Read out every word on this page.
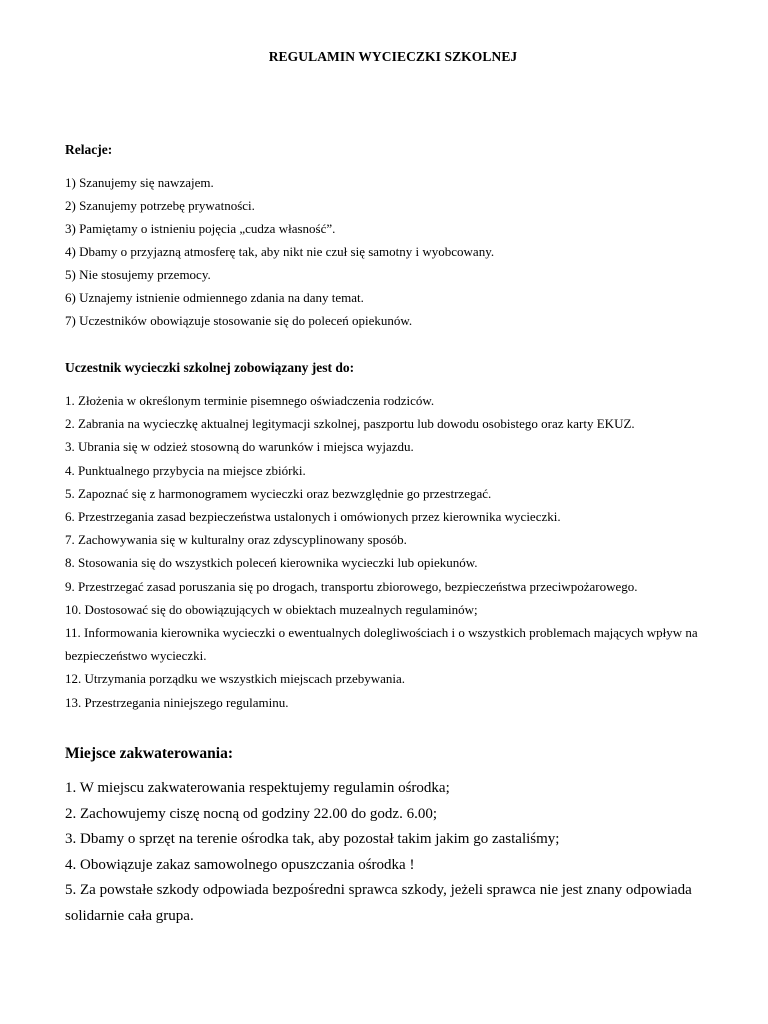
REGULAMIN WYCIECZKI SZKOLNEJ
Relacje:
1) Szanujemy się nawzajem.
2) Szanujemy potrzebę prywatności.
3) Pamiętamy o istnieniu pojęcia „cudza własność”.
4) Dbamy o przyjazną atmosferę tak, aby nikt nie czuł się samotny i wyobcowany.
5) Nie stosujemy przemocy.
6) Uznajemy istnienie odmiennego zdania na dany temat.
7) Uczestników obowiązuje stosowanie się do poleceń opiekunów.
Uczestnik wycieczki szkolnej zobowiązany jest do:
1. Złożenia w określonym terminie pisemnego oświadczenia rodziców.
2. Zabrania na wycieczkę aktualnej legitymacji szkolnej, paszportu lub dowodu osobistego oraz karty EKUZ.
3. Ubrania się w odzież stosowną do warunków i miejsca wyjazdu.
4. Punktualnego przybycia na miejsce zbiórki.
5. Zapoznać się z harmonogramem wycieczki oraz bezwzględnie go przestrzegać.
6. Przestrzegania zasad bezpieczeństwa ustalonych i omówionych przez kierownika wycieczki.
7. Zachowywania się w kulturalny oraz zdyscyplinowany sposób.
8. Stosowania się do wszystkich poleceń kierownika wycieczki lub opiekunów.
9. Przestrzegać zasad poruszania się po drogach, transportu zbiorowego, bezpieczeństwa przeciwpożarowego.
10. Dostosować się do obowiązujących w obiektach muzealnych regulaminów;
11. Informowania kierownika wycieczki o ewentualnych dolegliwościach i o wszystkich problemach mających wpływ na bezpieczeństwo wycieczki.
12. Utrzymania porządku we wszystkich miejscach przebywania.
13. Przestrzegania niniejszego regulaminu.
Miejsce zakwaterowania:
1. W miejscu zakwaterowania respektujemy regulamin ośrodka;
2. Zachowujemy ciszę nocną od godziny 22.00 do godz. 6.00;
3. Dbamy o sprzęt na terenie ośrodka tak, aby pozostał takim jakim go zastaliśmy;
4. Obowiązuje zakaz samowolnego opuszczania ośrodka !
5. Za powstałe szkody odpowiada bezpośredni sprawca szkody, jeżeli sprawca nie jest znany odpowiada solidarnie cała grupa.
